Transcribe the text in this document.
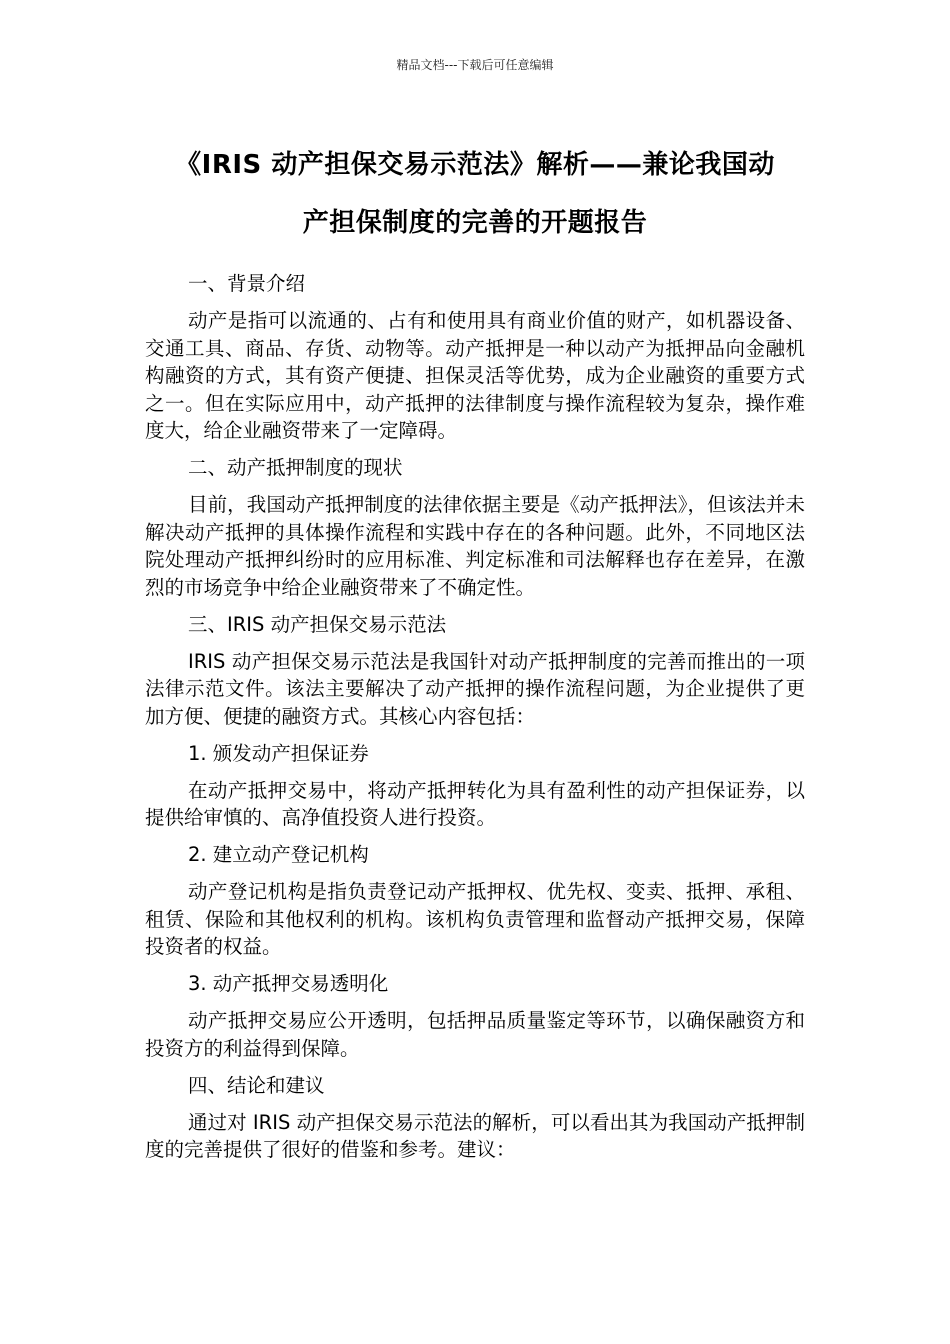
精品文档---下载后可任意编辑
《IRIS 动产担保交易示范法》解析——兼论我国动
产担保制度的完善的开题报告

一、背景介绍

动产是指可以流通的、占有和使用具有商业价值的财产，如机器设备、交通工具、商品、存货、动物等。动产抵押是一种以动产为抵押品向金融机构融资的方式，其有资产便捷、担保灵活等优势，成为企业融资的重要方式之一。但在实际应用中，动产抵押的法律制度与操作流程较为复杂，操作难度大，给企业融资带来了一定障碍。

二、动产抵押制度的现状

目前，我国动产抵押制度的法律依据主要是《动产抵押法》，但该法并未解决动产抵押的具体操作流程和实践中存在的各种问题。此外，不同地区法院处理动产抵押纠纷时的应用标准、判定标准和司法解释也存在差异，在激烈的市场竞争中给企业融资带来了不确定性。

三、IRIS 动产担保交易示范法

IRIS 动产担保交易示范法是我国针对动产抵押制度的完善而推出的一项法律示范文件。该法主要解决了动产抵押的操作流程问题，为企业提供了更加方便、便捷的融资方式。其核心内容包括：

1. 颁发动产担保证券

在动产抵押交易中，将动产抵押转化为具有盈利性的动产担保证券，以提供给审慎的、高净值投资人进行投资。

2. 建立动产登记机构

动产登记机构是指负责登记动产抵押权、优先权、变卖、抵押、承租、租赁、保险和其他权利的机构。该机构负责管理和监督动产抵押交易，保障投资者的权益。

3. 动产抵押交易透明化

动产抵押交易应公开透明，包括押品质量鉴定等环节，以确保融资方和投资方的利益得到保障。

四、结论和建议

通过对 IRIS 动产担保交易示范法的解析，可以看出其为我国动产抵押制度的完善提供了很好的借鉴和参考。建议：
